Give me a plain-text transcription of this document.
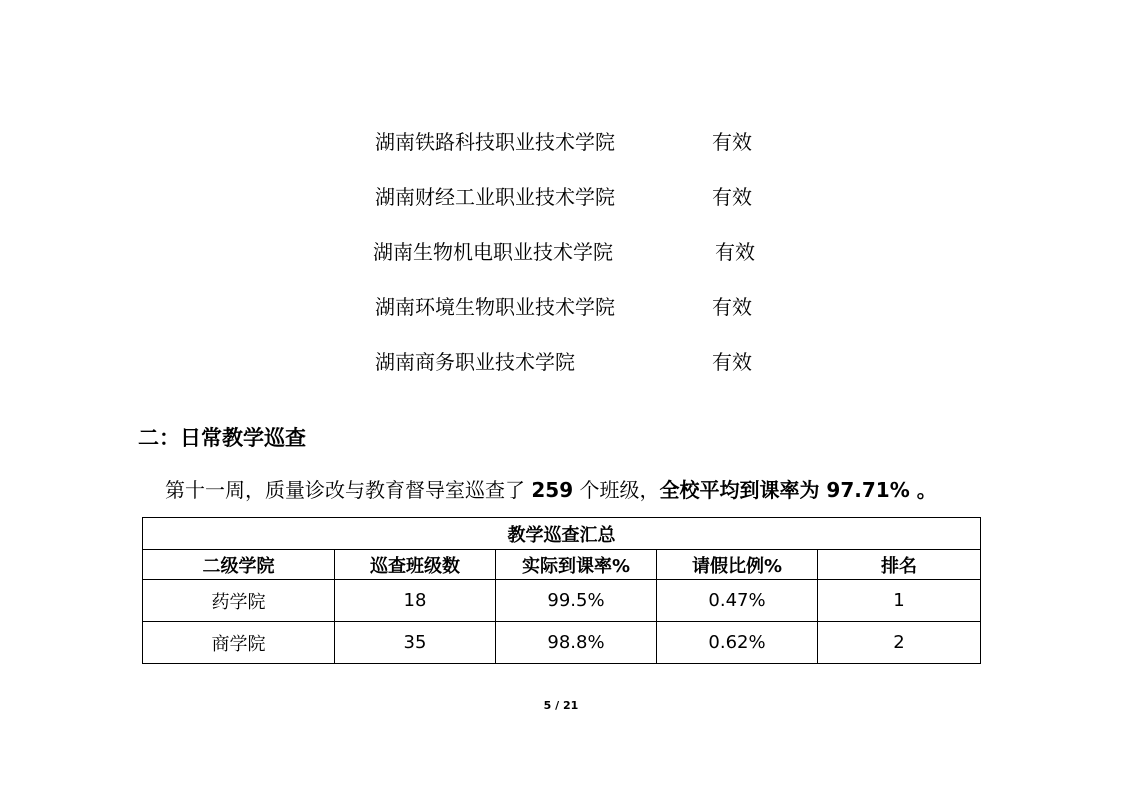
湖南铁路科技职业技术学院	有效
湖南财经工业职业技术学院	有效
湖南生物机电职业技术学院	有效
湖南环境生物职业技术学院	有效
湖南商务职业技术学院	有效
二：日常教学巡查
第十一周，质量诊改与教育督导室巡查了 259 个班级，全校平均到课率为 97.71% 。
教学巡查汇总				
二级学院	巡查班级数	实际到课率%	请假比例%	排名
药学院	18	99.5%	0.47%	1
商学院	35	98.8%	0.62%	2
5 / 21
